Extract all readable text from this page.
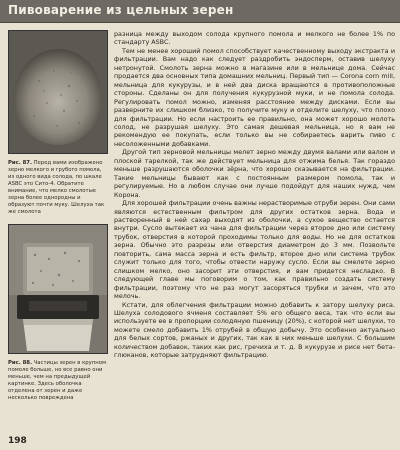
Пивоварение из цельных зерен
Рис. 87. Перед вами изображено зерно мелкого и грубого помола, из одного вида солода, по шкале ASBC это Сито-4. Обратите внимание, что мелко смолотые зерна более однородны и образуют почти муку. Шелуха так же смолота
Рис. 88. Частицы зерен в крупном помоле больше, но все равно они меньше, чем на предыдущей картинке. Здесь оболочка отделена от зерен и даже несколько повреждена

разница между выходом солода крупного помола и мелкого не более 1% по стандарту ASBC.

Тем не менее хороший помол способствует качественному выходу экстракта и фильтрации. Вам надо как следует раздробить эндосперм, оставив шелуху нетронутой. Смолоть зерна можно в магазине или в мельнице дома. Сейчас продается два основных типа домашних мельниц. Первый тип — Corona corn mill, мельница для кукурузы, и в ней два диска вращаются в противоположные стороны. Сделаны он для получения кукурузной муки, и не помола солода. Регулировать помол можно, изменяя расстояние между дисками. Если вы разверните их слишком близко, то получите муку и отделите шелуху, что плохо для фильтрации. Но если настроить ее правильно, она может хорошо молоть солод, не разрушая шелуху. Это самая дешевая мельница, но я вам не рекомендую ее покупать, если только вы не собираетесь варить пиво с несоложенными добавками.

Другой тип зерновой мельницы мелет зерно между двумя валами или валом и плоской тарелкой, так же действует мельница для отжима белья. Так гораздо меньше разрушаются оболочки зёрна, что хорошо сказывается на фильтрации. Такие мельницы бывают как с постоянным размером помола, так и регулируемые. Но в любом случае они лучше подойдут для наших нужд, чем Корона.

Для хорошей фильтрации очень важны нерастворимые отруби зерен. Они сами являются естественным фильтром для других остатков зерна. Вода и растворенный в ней сахар выходят из оболочки, а сухое вещество остается внутри. Сусло вытекает из чана для фильтрации через второе дно или систему трубок, отверстия в которой проходимы только для воды. Но не для остатков зерна. Обычно это разрезы или отверстия диаметром до 3 мм. Позвольте повторить, сама масса зерна и есть фильтр, второе дно или система трубок служит только для того, чтобы отвести наружу сусло. Если вы смелете зерно слишком мелко, оно засорит эти отверстия, и вам придется несладко. В следующей главе мы поговорим о том, как правильно создать систему фильтрации, поэтому что не раз могут засоряться трубки и зачем, что это мелочь.

Кстати, для облегчения фильтрации можно добавить к затору шелуху риса. Шелуха солодового ячменя составляет 5% его общего веса, так что если вы используете ее в пропорции солодяную пшеницу (20%), с которой нет шелухи, то можете смело добавить 1% отрубей в общую добычу. Это особенно актуально для белых сортов, ржаных и других, так как в них меньше шелухи. С большим количеством добавок, таких как рис, гречиха и т. д. В кукурузе и рисе нет бета-глюканов, которые затрудняют фильтрацию.

198
